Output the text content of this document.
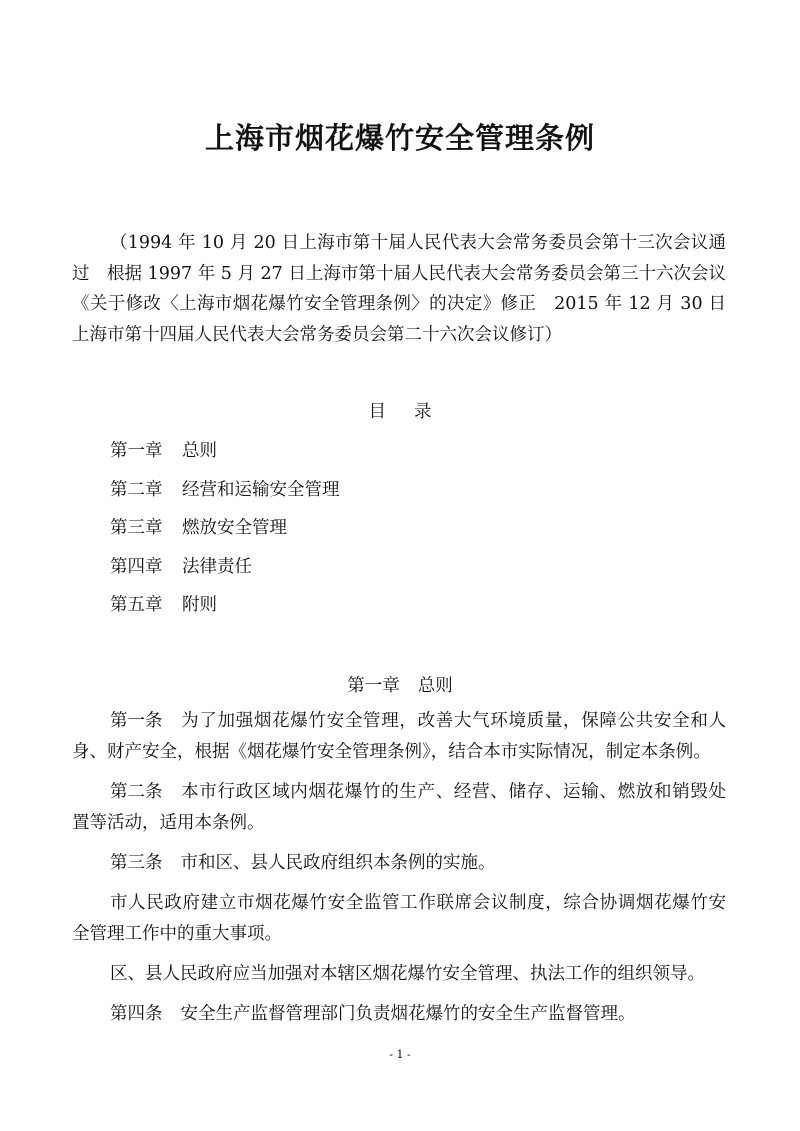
上海市烟花爆竹安全管理条例
（1994 年 10 月 20 日上海市第十届人民代表大会常务委员会第十三次会议通
过　根据 1997 年 5 月 27 日上海市第十届人民代表大会常务委员会第三十六次会议
《关于修改〈上海市烟花爆竹安全管理条例〉的决定》修正　2015 年 12 月 30 日
上海市第十四届人民代表大会常务委员会第二十六次会议修订）

目 录

第一章 总则
第二章 经营和运输安全管理
第三章 燃放安全管理
第四章 法律责任
第五章 附则

第一章 总则

第一条 为了加强烟花爆竹安全管理，改善大气环境质量，保障公共安全和人
身、财产安全，根据《烟花爆竹安全管理条例》，结合本市实际情况，制定本条例。
第二条 本市行政区域内烟花爆竹的生产、经营、储存、运输、燃放和销毁处
置等活动，适用本条例。
第三条 市和区、县人民政府组织本条例的实施。
市人民政府建立市烟花爆竹安全监管工作联席会议制度，综合协调烟花爆竹安
全管理工作中的重大事项。
区、县人民政府应当加强对本辖区烟花爆竹安全管理、执法工作的组织领导。
第四条 安全生产监督管理部门负责烟花爆竹的安全生产监督管理。

- 1 -
